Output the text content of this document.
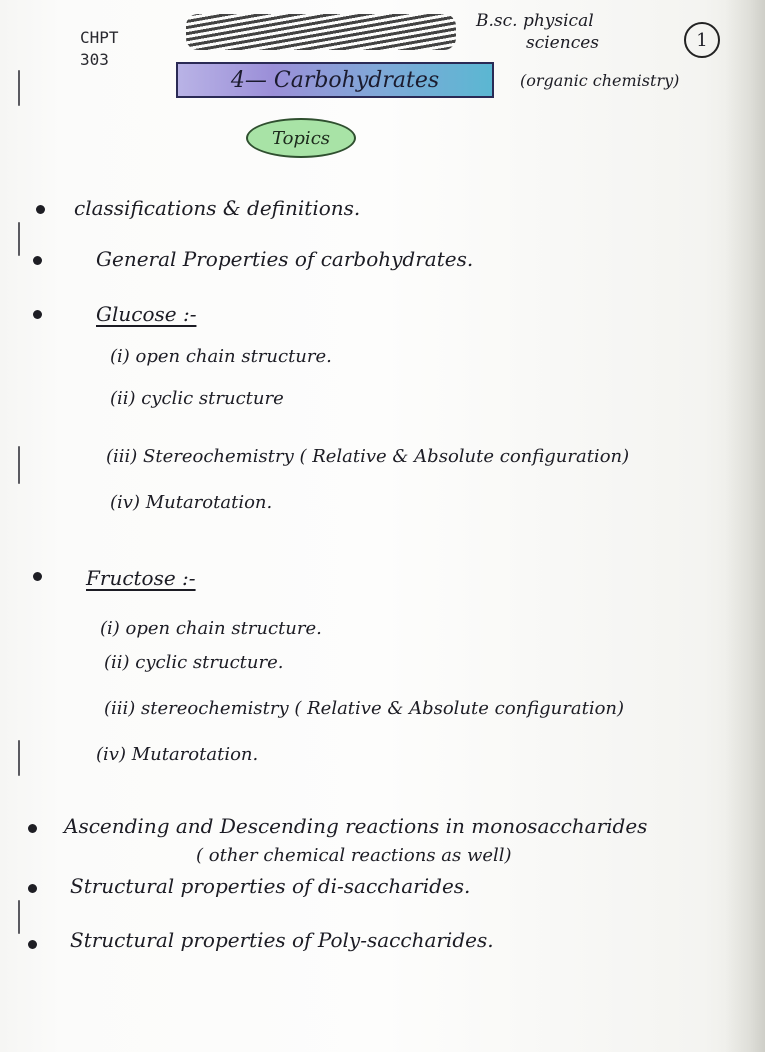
CHPT
303
B.sc. physical
sciences	1
4— Carbohydrates	(organic chemistry)
Topics
classifications & definitions.
General Properties of carbohydrates.
Glucose :-
(i) open chain structure.
(ii) cyclic structure
(iii) Stereochemistry ( Relative & Absolute configuration)
(iv) Mutarotation.
Fructose :-
(i) open chain structure.
(ii) cyclic structure.
(iii) stereochemistry ( Relative & Absolute configuration)
(iv) Mutarotation.
Ascending and Descending reactions in monosaccharides
( other chemical reactions as well)
Structural properties of di-saccharides.
Structural properties of Poly-saccharides.
